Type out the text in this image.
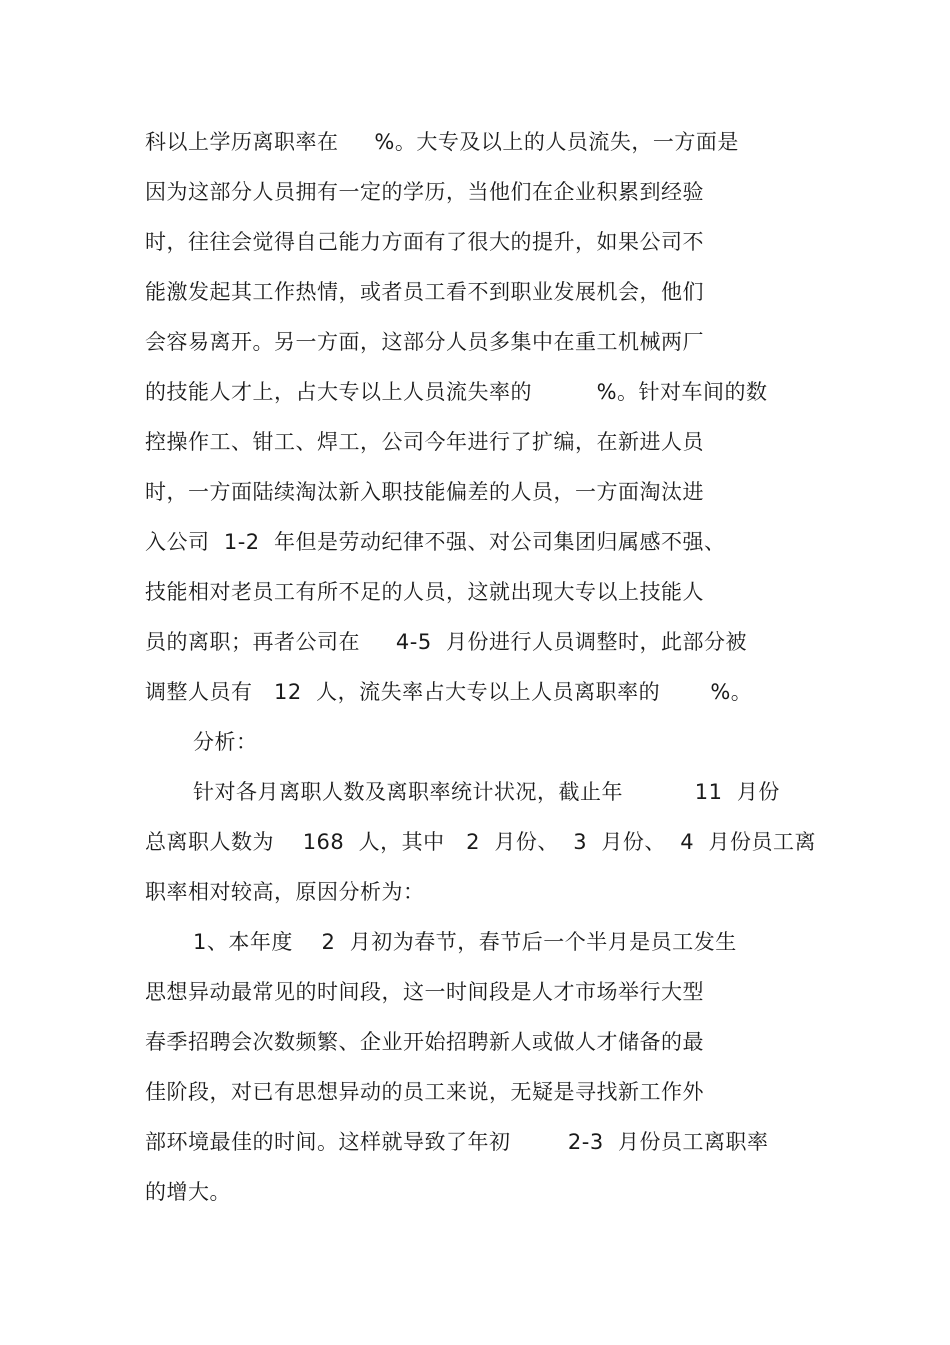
科以上学历离职率在     %。大专及以上的人员流失，一方面是
因为这部分人员拥有一定的学历，当他们在企业积累到经验
时，往往会觉得自己能力方面有了很大的提升，如果公司不
能激发起其工作热情，或者员工看不到职业发展机会，他们
会容易离开。另一方面，这部分人员多集中在重工机械两厂
的技能人才上，占大专以上人员流失率的         %。针对车间的数
控操作工、钳工、焊工，公司今年进行了扩编，在新进人员
时，一方面陆续淘汰新入职技能偏差的人员，一方面淘汰进
入公司  1-2  年但是劳动纪律不强、对公司集团归属感不强、
技能相对老员工有所不足的人员，这就出现大专以上技能人
员的离职；再者公司在     4-5  月份进行人员调整时，此部分被
调整人员有   12  人，流失率占大专以上人员离职率的       %。
分析：
针对各月离职人数及离职率统计状况，截止年          11  月份
总离职人数为    168  人，其中   2  月份、  3  月份、  4  月份员工离
职率相对较高，原因分析为：
1、本年度    2  月初为春节，春节后一个半月是员工发生
思想异动最常见的时间段，这一时间段是人才市场举行大型
春季招聘会次数频繁、企业开始招聘新人或做人才储备的最
佳阶段，对已有思想异动的员工来说，无疑是寻找新工作外
部环境最佳的时间。这样就导致了年初        2-3  月份员工离职率
的增大。
